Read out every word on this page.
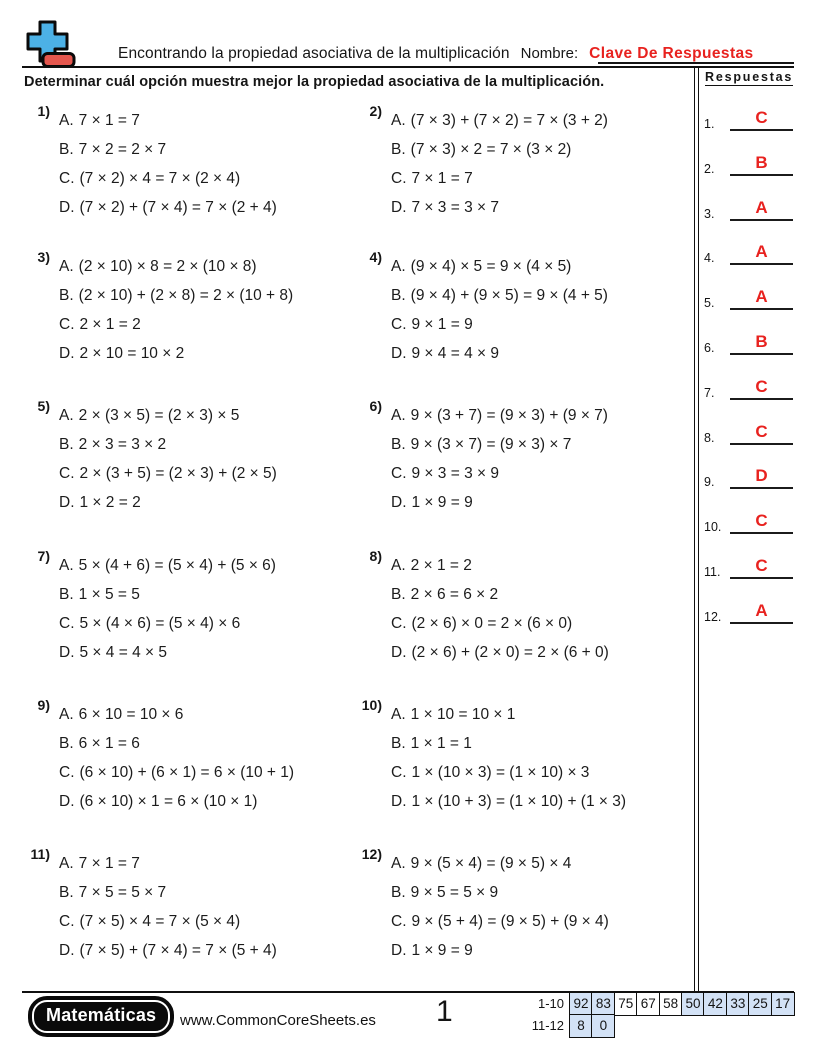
Encontrando la propiedad asociativa de la multiplicación Nombre: Clave De Respuestas
Determinar cuál opción muestra mejor la propiedad asociativa de la multiplicación.	Respuestas
1.	C
2.	B
3.	A
4.	A
5.	A
6.	B
7.	C
8.	C
9.	D
10.	C
11.	C
12.	A
1)
A. 7 × 1 = 7
B. 7 × 2 = 2 × 7
C. (7 × 2) × 4 = 7 × (2 × 4)
D. (7 × 2) + (7 × 4) = 7 × (2 + 4)
2)
A. (7 × 3) + (7 × 2) = 7 × (3 + 2)
B. (7 × 3) × 2 = 7 × (3 × 2)
C. 7 × 1 = 7
D. 7 × 3 = 3 × 7
3)
A. (2 × 10) × 8 = 2 × (10 × 8)
B. (2 × 10) + (2 × 8) = 2 × (10 + 8)
C. 2 × 1 = 2
D. 2 × 10 = 10 × 2
4)
A. (9 × 4) × 5 = 9 × (4 × 5)
B. (9 × 4) + (9 × 5) = 9 × (4 + 5)
C. 9 × 1 = 9
D. 9 × 4 = 4 × 9
5)
A. 2 × (3 × 5) = (2 × 3) × 5
B. 2 × 3 = 3 × 2
C. 2 × (3 + 5) = (2 × 3) + (2 × 5)
D. 1 × 2 = 2
6)
A. 9 × (3 + 7) = (9 × 3) + (9 × 7)
B. 9 × (3 × 7) = (9 × 3) × 7
C. 9 × 3 = 3 × 9
D. 1 × 9 = 9
7)
A. 5 × (4 + 6) = (5 × 4) + (5 × 6)
B. 1 × 5 = 5
C. 5 × (4 × 6) = (5 × 4) × 6
D. 5 × 4 = 4 × 5
8)
A. 2 × 1 = 2
B. 2 × 6 = 6 × 2
C. (2 × 6) × 0 = 2 × (6 × 0)
D. (2 × 6) + (2 × 0) = 2 × (6 + 0)
9)
A. 6 × 10 = 10 × 6
B. 6 × 1 = 6
C. (6 × 10) + (6 × 1) = 6 × (10 + 1)
D. (6 × 10) × 1 = 6 × (10 × 1)
10)
A. 1 × 10 = 10 × 1
B. 1 × 1 = 1
C. 1 × (10 × 3) = (1 × 10) × 3
D. 1 × (10 + 3) = (1 × 10) + (1 × 3)
11)
A. 7 × 1 = 7
B. 7 × 5 = 5 × 7
C. (7 × 5) × 4 = 7 × (5 × 4)
D. (7 × 5) + (7 × 4) = 7 × (5 + 4)
12)
A. 9 × (5 × 4) = (9 × 5) × 4
B. 9 × 5 = 5 × 9
C. 9 × (5 + 4) = (9 × 5) + (9 × 4)
D. 1 × 9 = 9
Matemáticas	www.CommonCoreSheets.es 1	1-10 92 83 75 67 58 50 42 33 25 17
11-12 8	0
